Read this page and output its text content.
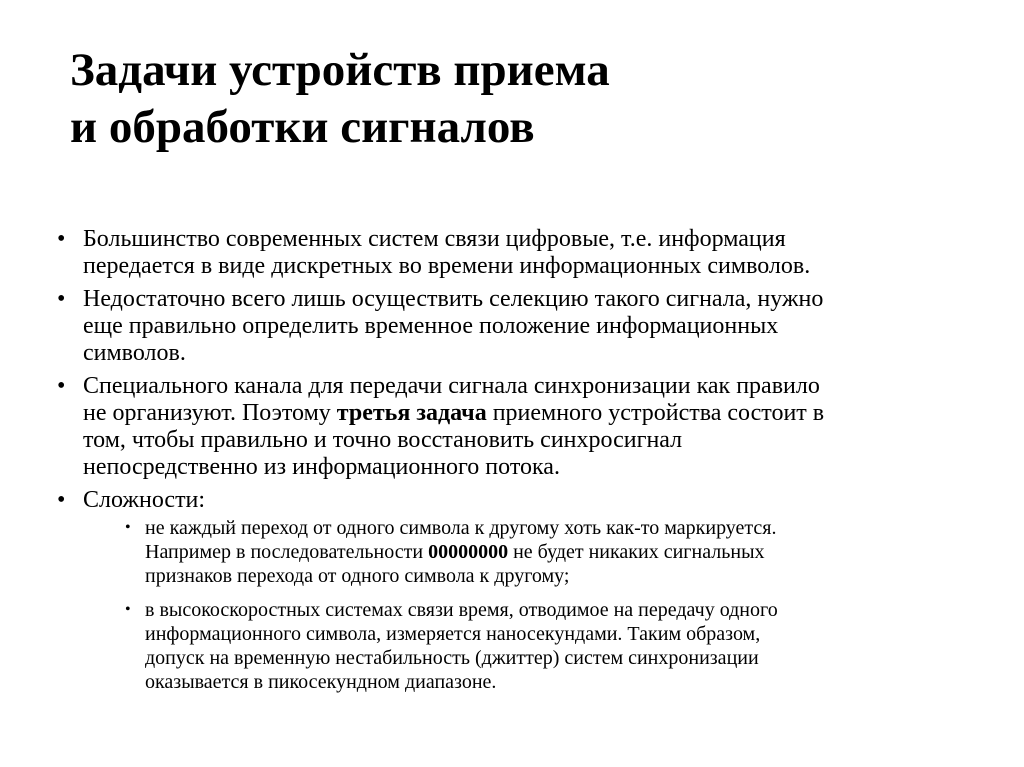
Задачи устройств приема
и обработки сигналов
• Большинство современных систем связи цифровые, т.е. информация
передается в виде дискретных во времени информационных символов.
• Недостаточно всего лишь осуществить селекцию такого сигнала, нужно
еще правильно определить временное положение информационных
символов.
• Специального канала для передачи сигнала синхронизации как правило
не организуют. Поэтому третья задача приемного устройства состоит в
том, чтобы правильно и точно восстановить синхросигнал
непосредственно из информационного потока.
• Сложности:
• не каждый переход от одного символа к другому хоть как-то маркируется.
Например в последовательности 00000000 не будет никаких сигнальных
признаков перехода от одного символа к другому;
• в высокоскоростных системах связи время, отводимое на передачу одного
информационного символа, измеряется наносекундами. Таким образом,
допуск на временную нестабильность (джиттер) систем синхронизации
оказывается в пикосекундном диапазоне.
